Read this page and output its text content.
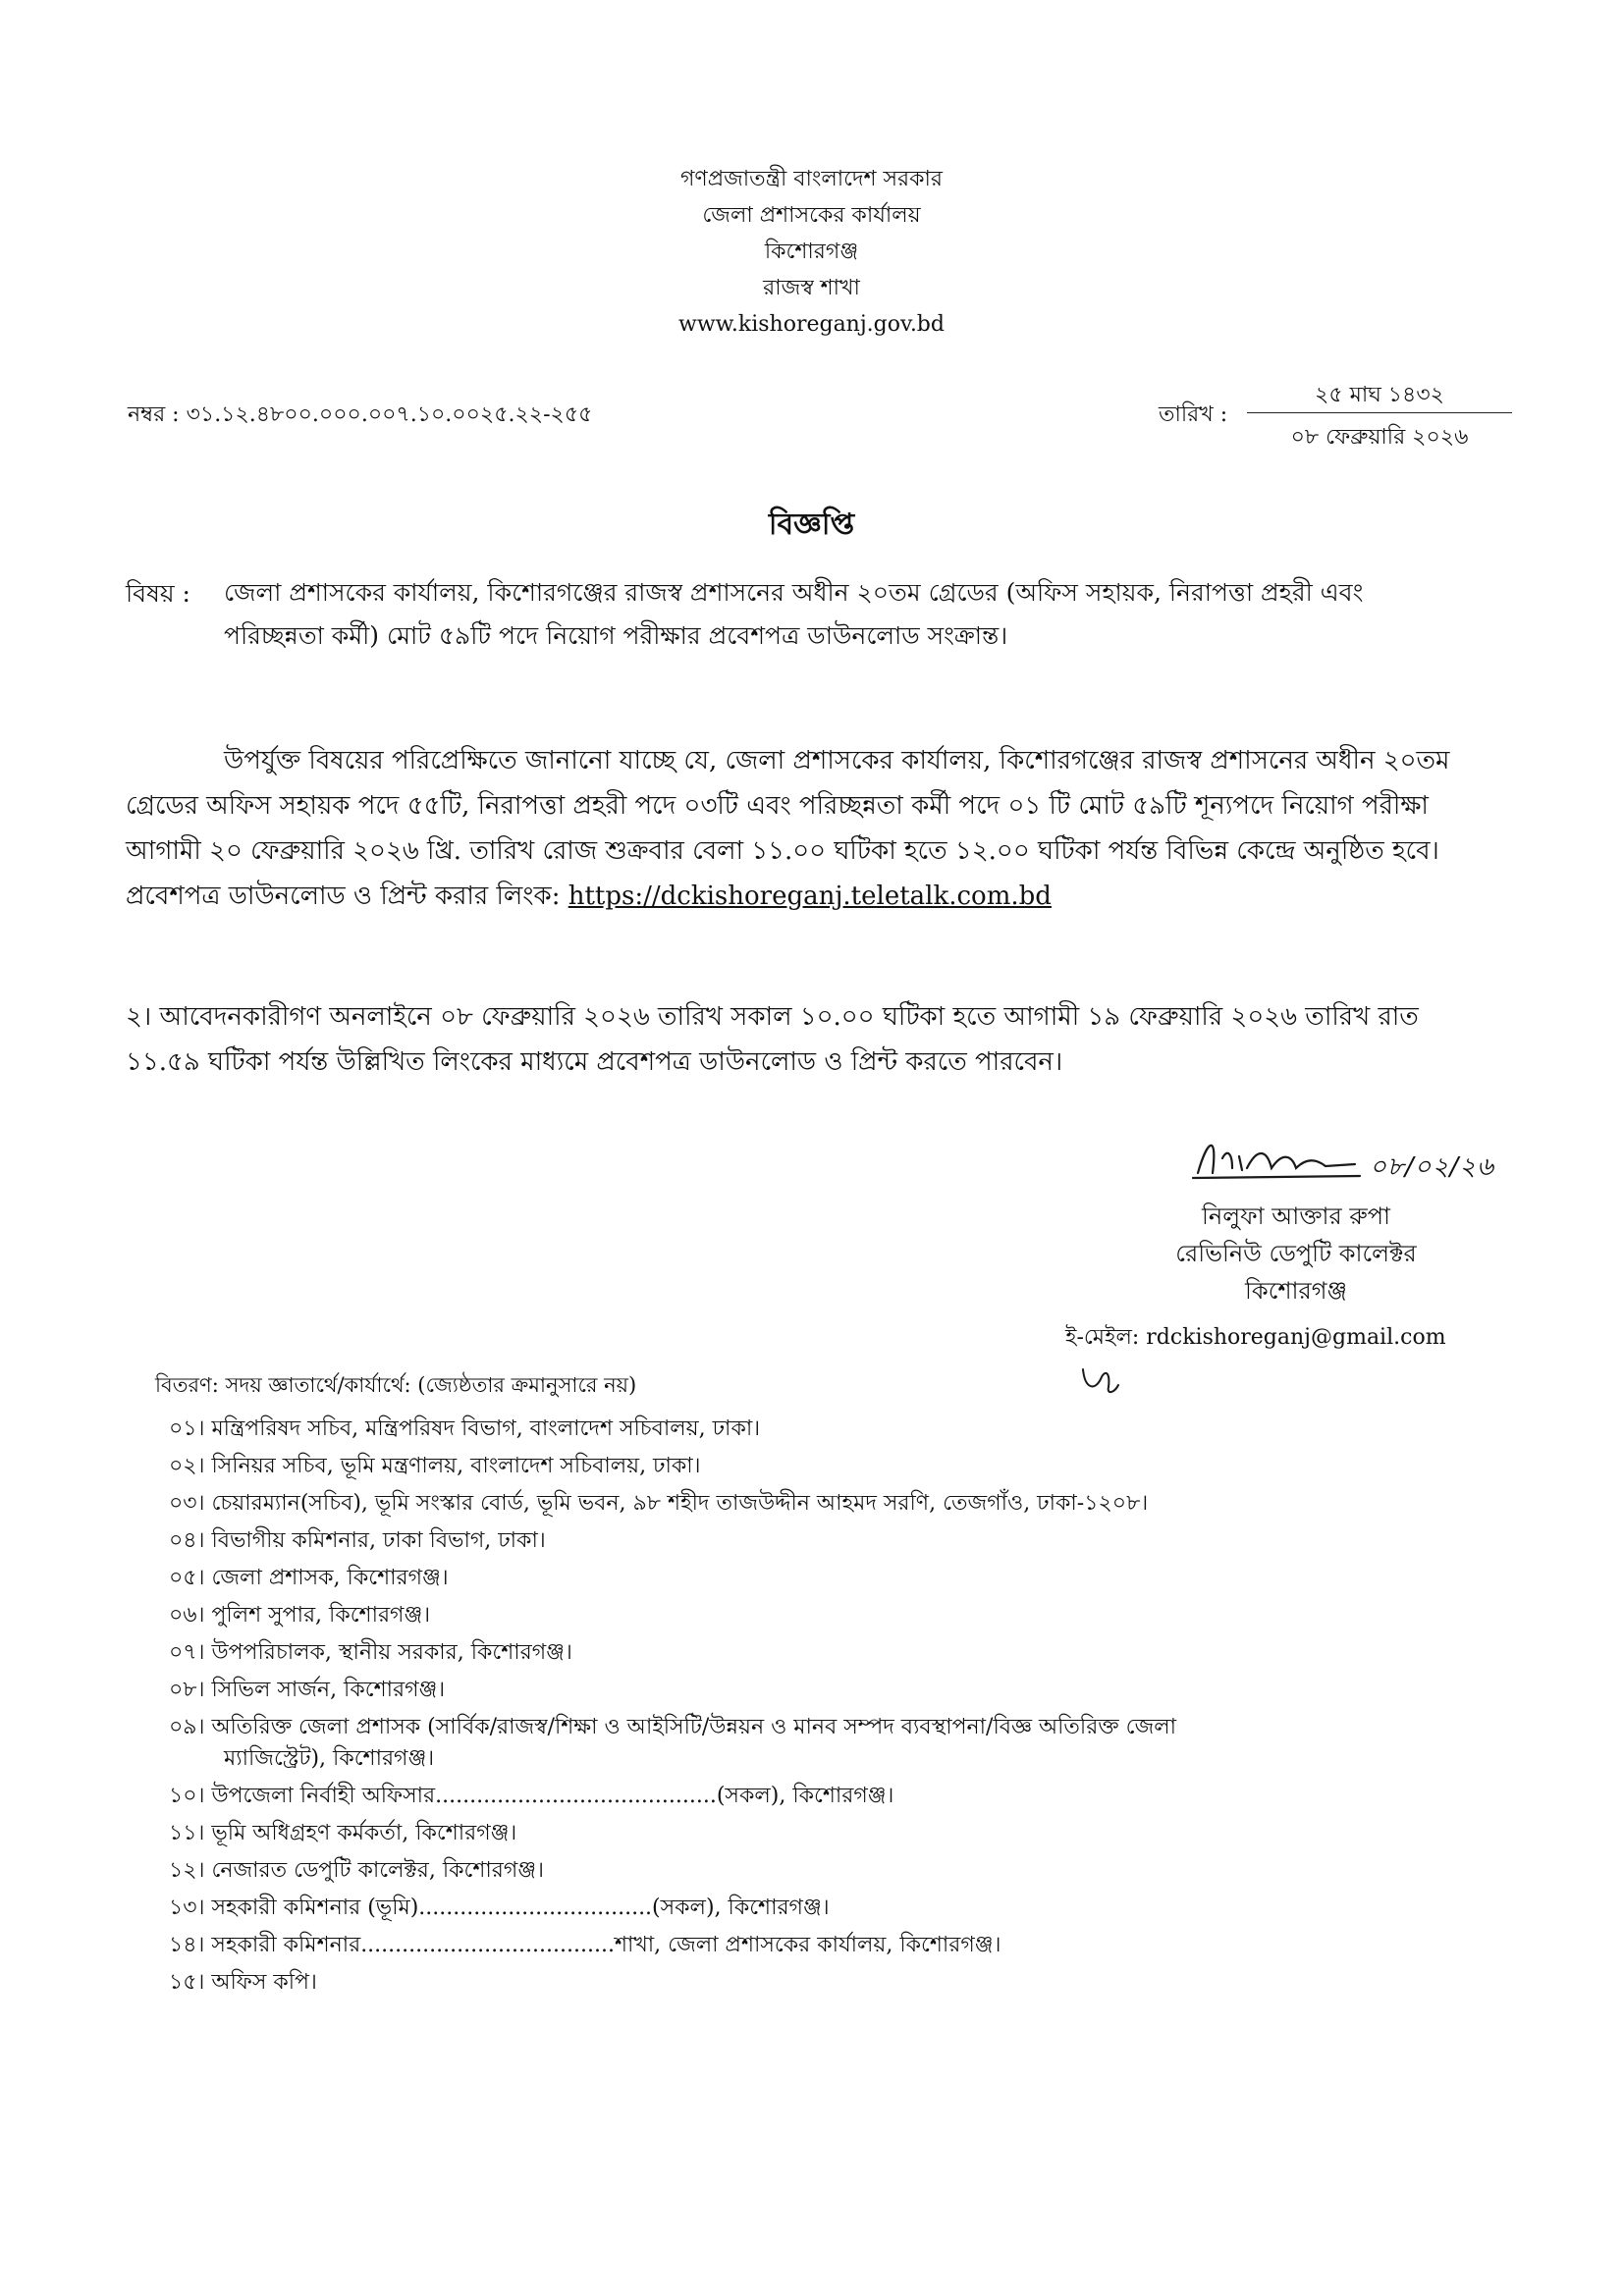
গণপ্রজাতন্ত্রী বাংলাদেশ সরকার
জেলা প্রশাসকের কার্যালয়
কিশোরগঞ্জ
রাজস্ব শাখা
www.kishoreganj.gov.bd
নম্বর : ৩১.১২.৪৮০০.০০০.০০৭.১০.০০২৫.২২-২৫৫	তারিখ :
২৫ মাঘ ১৪৩২
০৮ ফেব্রুয়ারি ২০২৬
বিজ্ঞপ্তি
বিষয় : জেলা প্রশাসকের কার্যালয়, কিশোরগঞ্জের রাজস্ব প্রশাসনের অধীন ২০তম গ্রেডের (অফিস সহায়ক, নিরাপত্তা প্রহরী এবং
পরিচ্ছন্নতা কর্মী) মোট ৫৯টি পদে নিয়োগ পরীক্ষার প্রবেশপত্র ডাউনলোড সংক্রান্ত।
উপর্যুক্ত বিষয়ের পরিপ্রেক্ষিতে জানানো যাচ্ছে যে, জেলা প্রশাসকের কার্যালয়, কিশোরগঞ্জের রাজস্ব প্রশাসনের অধীন ২০তম
গ্রেডের অফিস সহায়ক পদে ৫৫টি, নিরাপত্তা প্রহরী পদে ০৩টি এবং পরিচ্ছন্নতা কর্মী পদে ০১ টি মোট ৫৯টি শূন্যপদে নিয়োগ পরীক্ষা
আগামী ২০ ফেব্রুয়ারি ২০২৬ খ্রি. তারিখ রোজ শুক্রবার বেলা ১১.০০ ঘটিকা হতে ১২.০০ ঘটিকা পর্যন্ত বিভিন্ন কেন্দ্রে অনুষ্ঠিত হবে।
প্রবেশপত্র ডাউনলোড ও প্রিন্ট করার লিংক: https://dckishoreganj.teletalk.com.bd
২। আবেদনকারীগণ অনলাইনে ০৮ ফেব্রুয়ারি ২০২৬ তারিখ সকাল ১০.০০ ঘটিকা হতে আগামী ১৯ ফেব্রুয়ারি ২০২৬ তারিখ রাত
১১.৫৯ ঘটিকা পর্যন্ত উল্লিখিত লিংকের মাধ্যমে প্রবেশপত্র ডাউনলোড ও প্রিন্ট করতে পারবেন।
০৮/০২/২৬
নিলুফা আক্তার রুপা
রেভিনিউ ডেপুটি কালেক্টর
কিশোরগঞ্জ
ই-মেইল: rdckishoreganj@gmail.com
বিতরণ: সদয় জ্ঞাতার্থে/কার্যার্থে: (জ্যেষ্ঠতার ক্রমানুসারে নয়)
০১। মন্ত্রিপরিষদ সচিব, মন্ত্রিপরিষদ বিভাগ, বাংলাদেশ সচিবালয়, ঢাকা।
০২। সিনিয়র সচিব, ভূমি মন্ত্রণালয়, বাংলাদেশ সচিবালয়, ঢাকা।
০৩। চেয়ারম্যান(সচিব), ভূমি সংস্কার বোর্ড, ভূমি ভবন, ৯৮ শহীদ তাজউদ্দীন আহমদ সরণি, তেজগাঁও, ঢাকা-১২০৮।
০৪। বিভাগীয় কমিশনার, ঢাকা বিভাগ, ঢাকা।
০৫। জেলা প্রশাসক, কিশোরগঞ্জ।
০৬। পুলিশ সুপার, কিশোরগঞ্জ।
০৭। উপপরিচালক, স্থানীয় সরকার, কিশোরগঞ্জ।
০৮। সিভিল সার্জন, কিশোরগঞ্জ।
০৯। অতিরিক্ত জেলা প্রশাসক (সার্বিক/রাজস্ব/শিক্ষা ও আইসিটি/উন্নয়ন ও মানব সম্পদ ব্যবস্থাপনা/বিজ্ঞ অতিরিক্ত জেলা
ম্যাজিস্ট্রেট), কিশোরগঞ্জ।
১০। উপজেলা নির্বাহী অফিসার.........................................(সকল), কিশোরগঞ্জ।
১১। ভূমি অধিগ্রহণ কর্মকর্তা, কিশোরগঞ্জ।
১২। নেজারত ডেপুটি কালেক্টর, কিশোরগঞ্জ।
১৩। সহকারী কমিশনার (ভূমি)..................................(সকল), কিশোরগঞ্জ।
১৪। সহকারী কমিশনার.....................................শাখা, জেলা প্রশাসকের কার্যালয়, কিশোরগঞ্জ।
১৫। অফিস কপি।
